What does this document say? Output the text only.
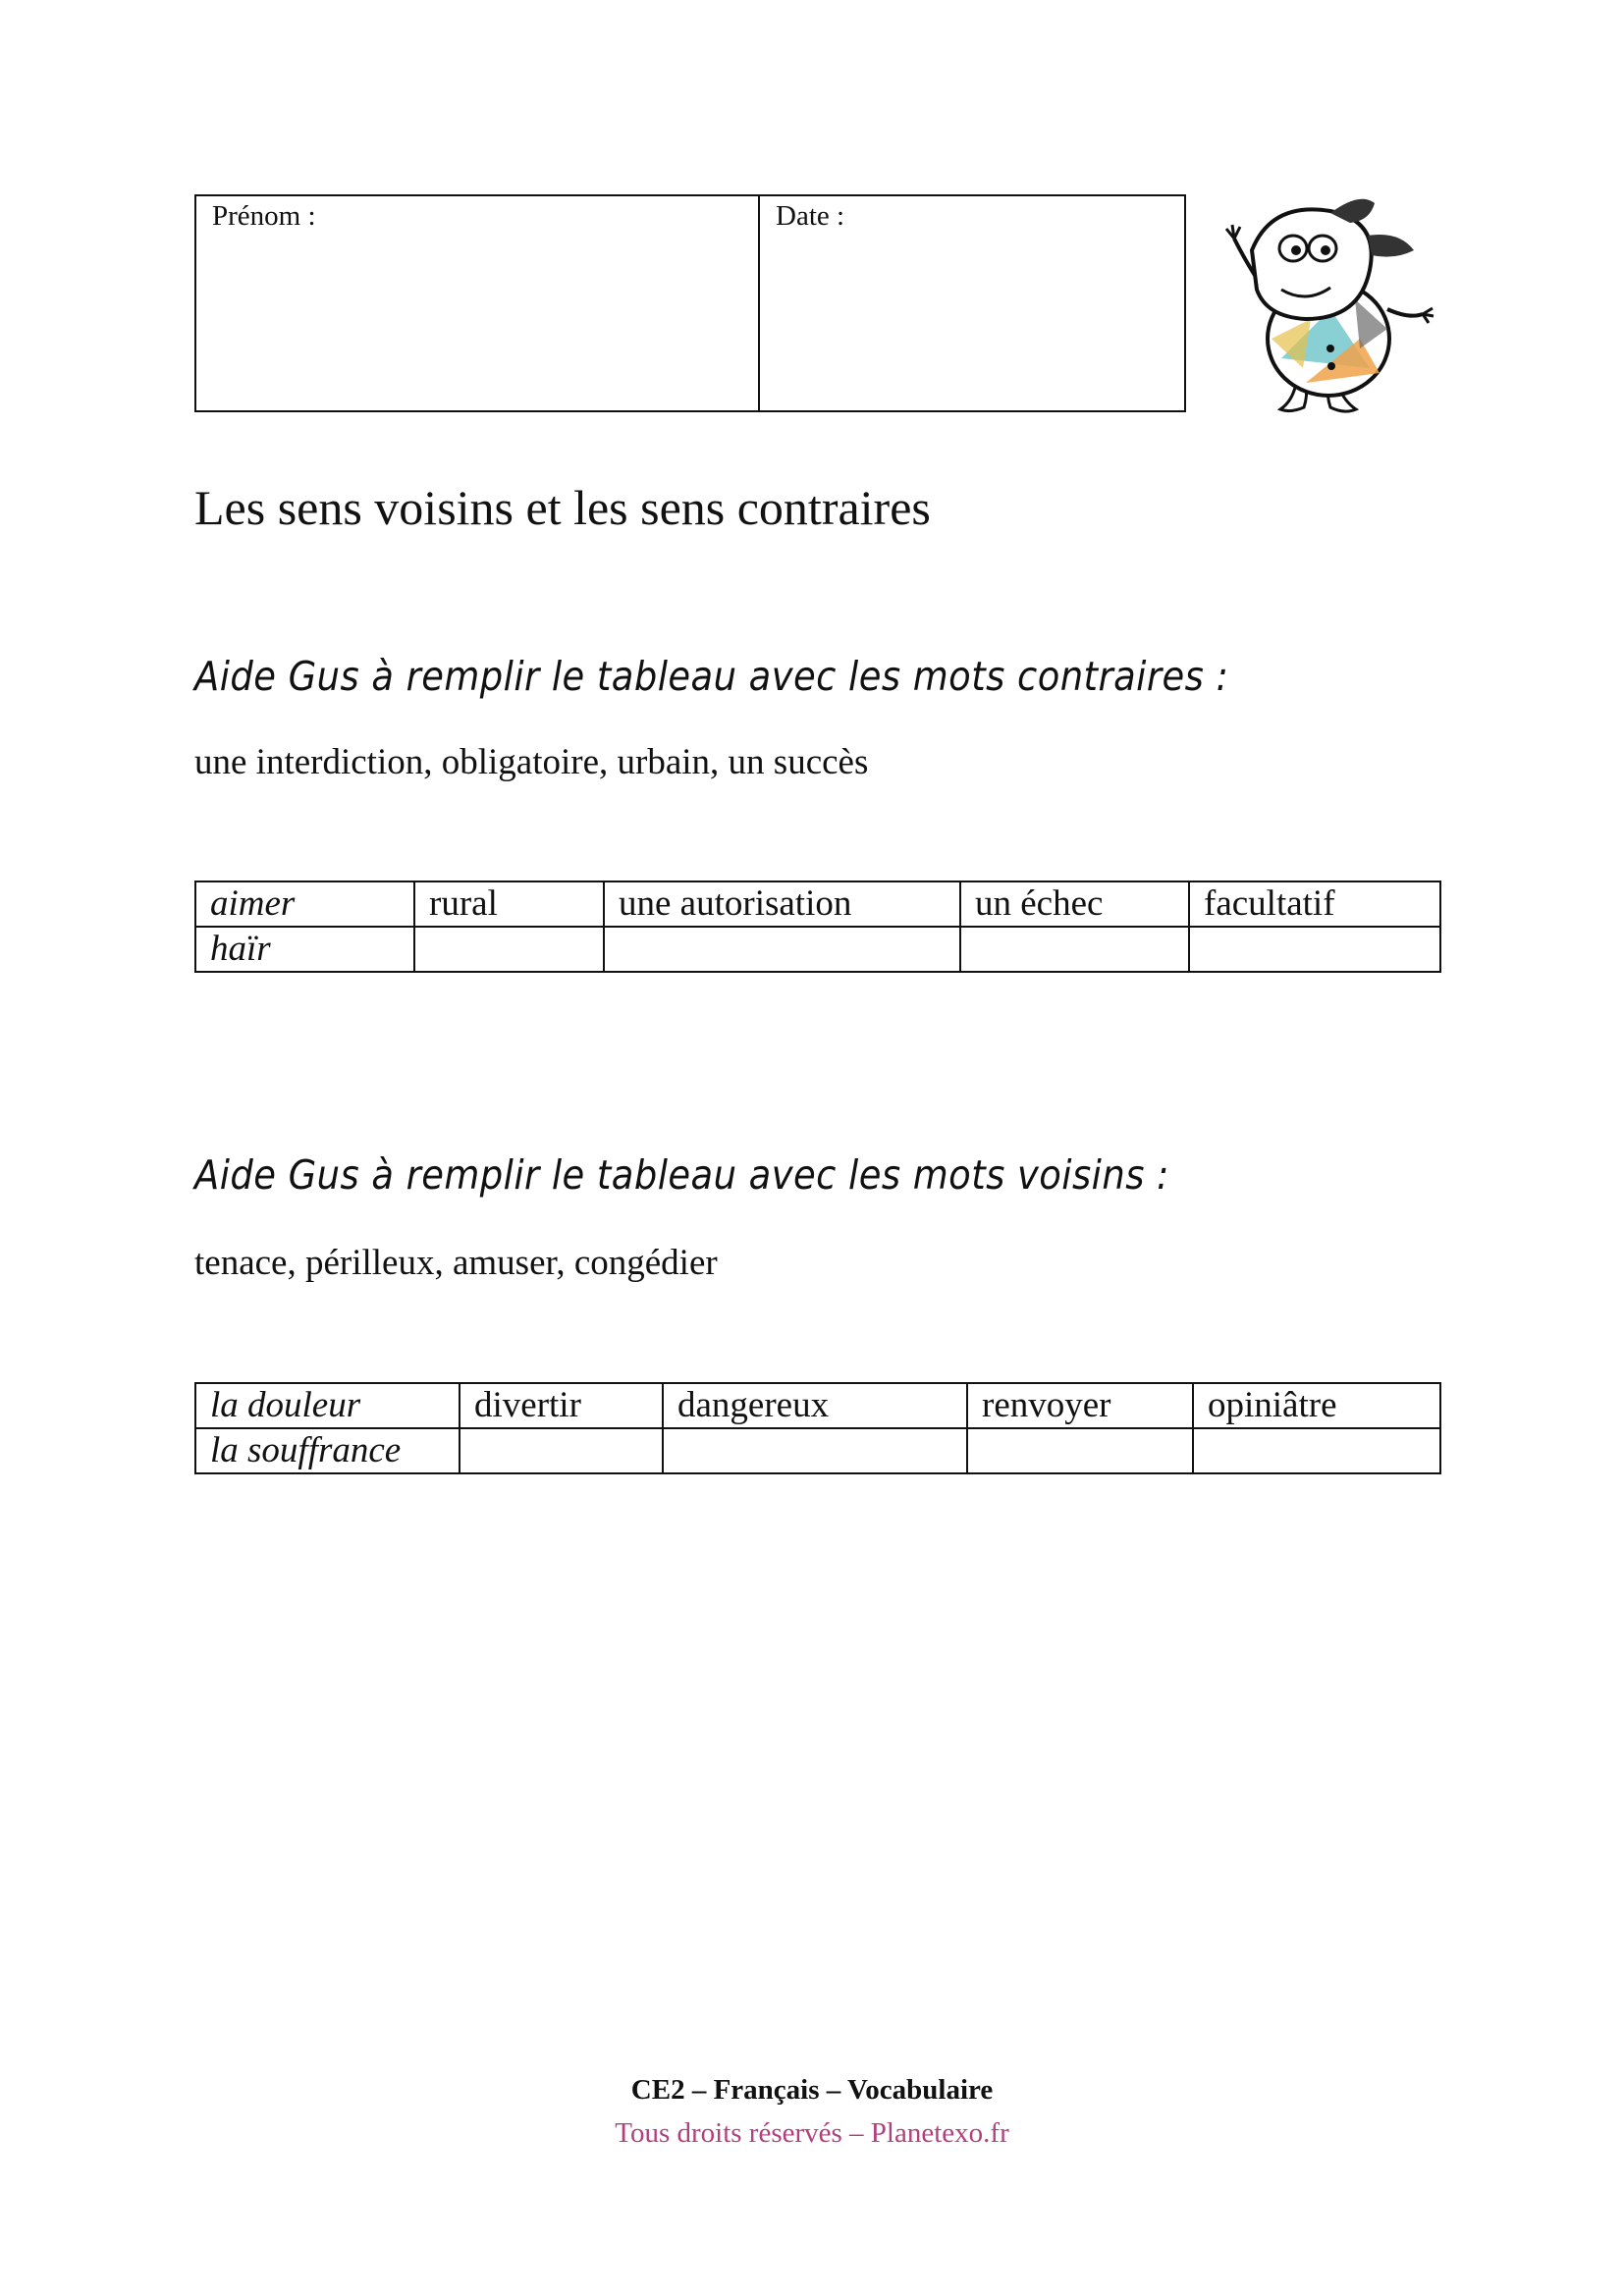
Prénom :	Date :
Les sens voisins et les sens contraires
Aide Gus à remplir le tableau avec les mots contraires :
une interdiction, obligatoire, urbain, un succès
aimer	rural	une autorisation	un échec	facultatif
haïr				
Aide Gus à remplir le tableau avec les mots voisins :
tenace, périlleux, amuser, congédier
la douleur	divertir	dangereux	renvoyer	opiniâtre
la souffrance				
CE2 – Français – Vocabulaire
Tous droits réservés – Planetexo.fr
